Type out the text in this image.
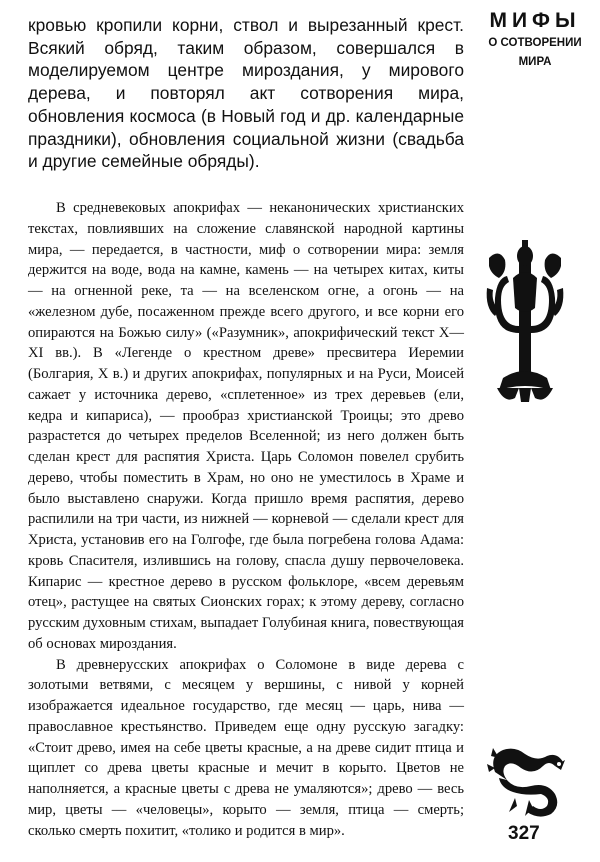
кровью кропили корни, ствол и вырезанный крест. Всякий обряд, таким образом, совершался в моделируемом центре мироздания, у мирового дерева, и повторял акт сотворения мира, обновления космоса (в Новый год и др. календарные праздники), обновления социальной жизни (свадьба и другие семейные обряды).

В средневековых апокрифах — неканонических христианских текстах, повлиявших на сложение славянской народной картины мира, — передается, в частности, миф о сотворении мира: земля держится на воде, вода на камне, камень — на четырех китах, киты — на огненной реке, та — на вселенском огне, а огонь — на «железном дубе, посаженном прежде всего другого, и все корни его опираются на Божью силу» («Разумник», апокрифический текст X—XI вв.). В «Легенде о крестном древе» пресвитера Иеремии (Болгария, X в.) и других апокрифах, популярных и на Руси, Моисей сажает у источника дерево, «сплетенное» из трех деревьев (ели, кедра и кипариса), — прообраз христианской Троицы; это древо разрастется до четырех пределов Вселенной; из него должен быть сделан крест для распятия Христа. Царь Соломон повелел срубить дерево, чтобы поместить в Храм, но оно не уместилось в Храме и было выставлено снаружи. Когда пришло время распятия, дерево распилили на три части, из нижней — корневой — сделали крест для Христа, установив его на Голгофе, где была погребена голова Адама: кровь Спасителя, излившись на голову, спасла душу первочеловека. Кипарис — крестное дерево в русском фольклоре, «всем деревьям отец», растущее на святых Сионских горах; к этому дереву, согласно русским духовным стихам, выпадает Голубиная книга, повествующая об основах мироздания.

В древнерусских апокрифах о Соломоне в виде дерева с золотыми ветвями, с месяцем у вершины, с нивой у корней изображается идеальное государство, где месяц — царь, нива — православное крестьянство. Приведем еще одну русскую загадку: «Стоит древо, имея на себе цветы красные, а на древе сидит птица и щиплет со древа цветы красные и мечит в корыто. Цветов не наполняется, а красные цветы с древа не умаляются»; древо — весь мир, цветы — «человецы», корыто — земля, птица — смерть; сколько смерть похитит, «толико и родится в мир».

МИФЫ
О СОТВОРЕНИИ
МИРА
327
